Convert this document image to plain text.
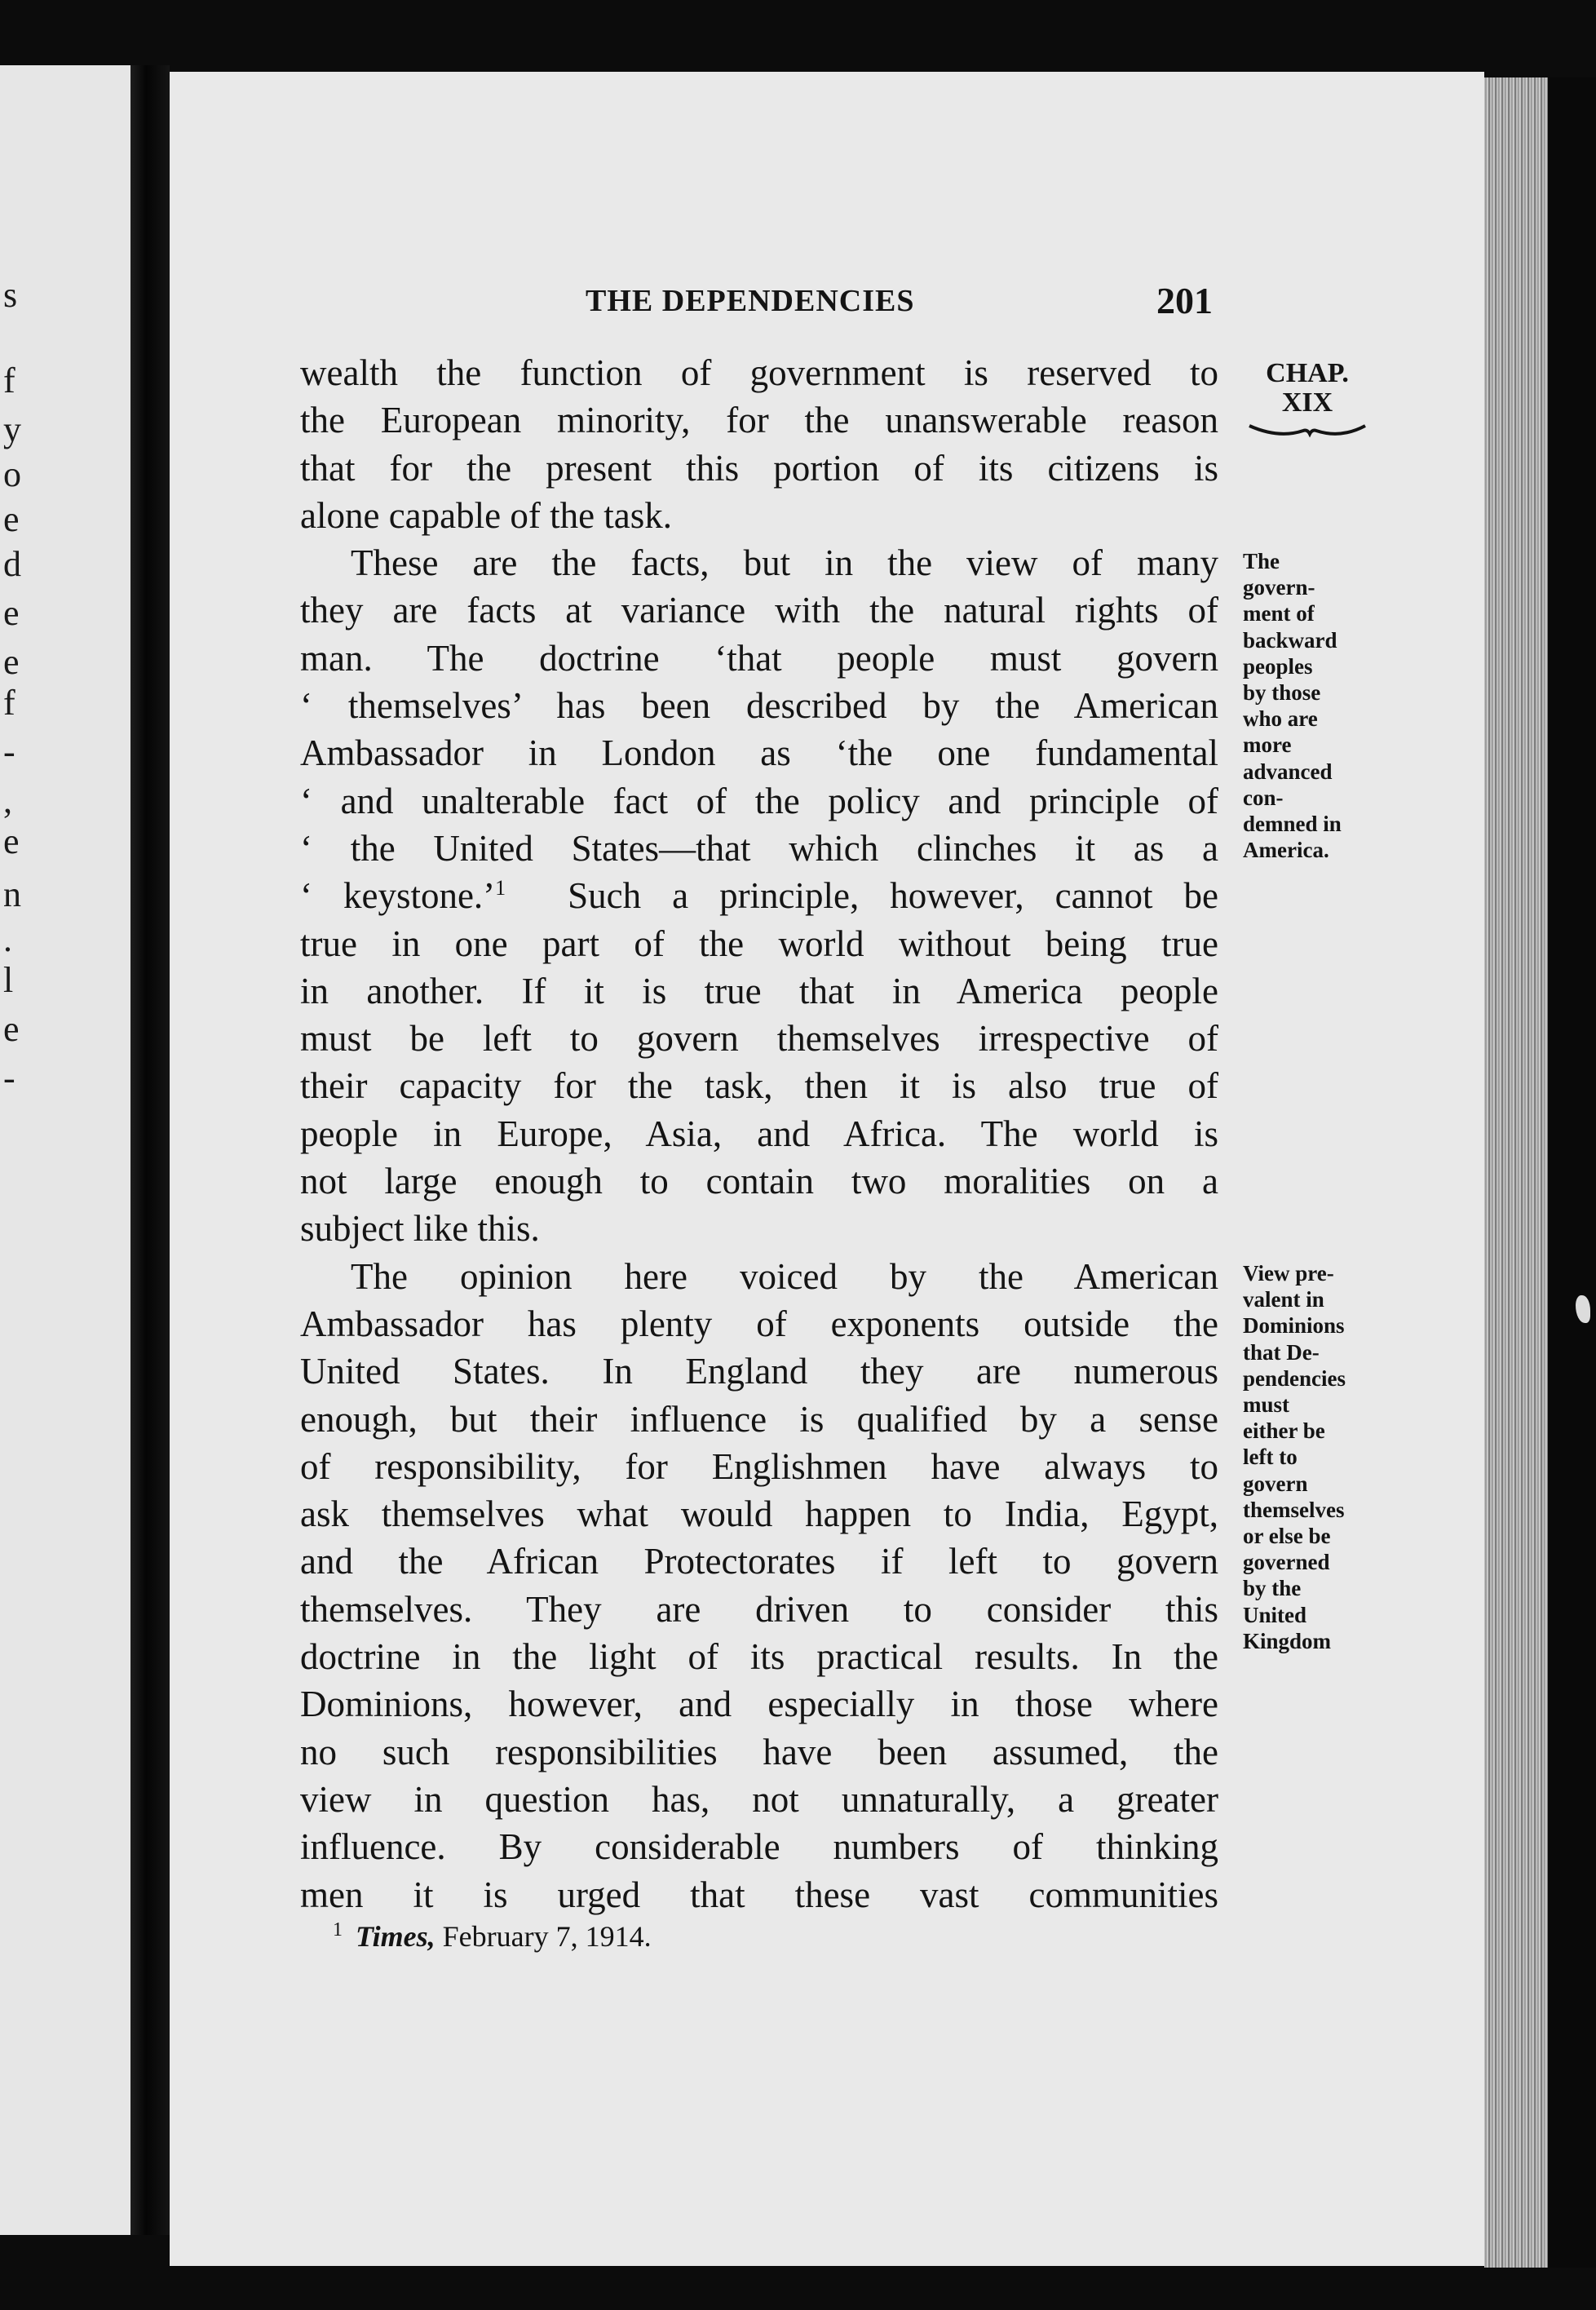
s
f
y
o
e
d
e
e
f
-
,
e
n
.
l
e
-
THE DEPENDENCIES	201
CHAP.
XIX
wealth the function of government is reserved to
the European minority, for the unanswerable reason
that for the present this portion of its citizens is
alone capable of the task.
These are the facts, but in the view of many
they are facts at variance with the natural rights of
man. The doctrine ‘that people must govern
‘ themselves’ has been described by the American
Ambassador in London as ‘the one fundamental
‘ and unalterable fact of the policy and principle of
‘ the United States—that which clinches it as a
‘ keystone.’$^1$  Such a principle, however, cannot be
true in one part of the world without being true
in another. If it is true that in America people
must be left to govern themselves irrespective of
their capacity for the task, then it is also true of
people in Europe, Asia, and Africa. The world is
not large enough to contain two moralities on a
subject like this.
The opinion here voiced by the American
Ambassador has plenty of exponents outside the
United States. In England they are numerous
enough, but their influence is qualified by a sense
of responsibility, for Englishmen have always to
ask themselves what would happen to India, Egypt,
and the African Protectorates if left to govern
themselves. They are driven to consider this
doctrine in the light of its practical results. In the
Dominions, however, and especially in those where
no such responsibilities have been assumed, the
view in question has, not unnaturally, a greater
influence. By considerable numbers of thinking
men it is urged that these vast communities
The
govern-
ment of
backward
peoples
by those
who are
more
advanced
con-
demned in
America.
View pre-
valent in
Dominions
that De-
pendencies
must
either be
left to
govern
themselves
or else be
governed
by the
United
Kingdom
$^1$ Times, February 7, 1914.
